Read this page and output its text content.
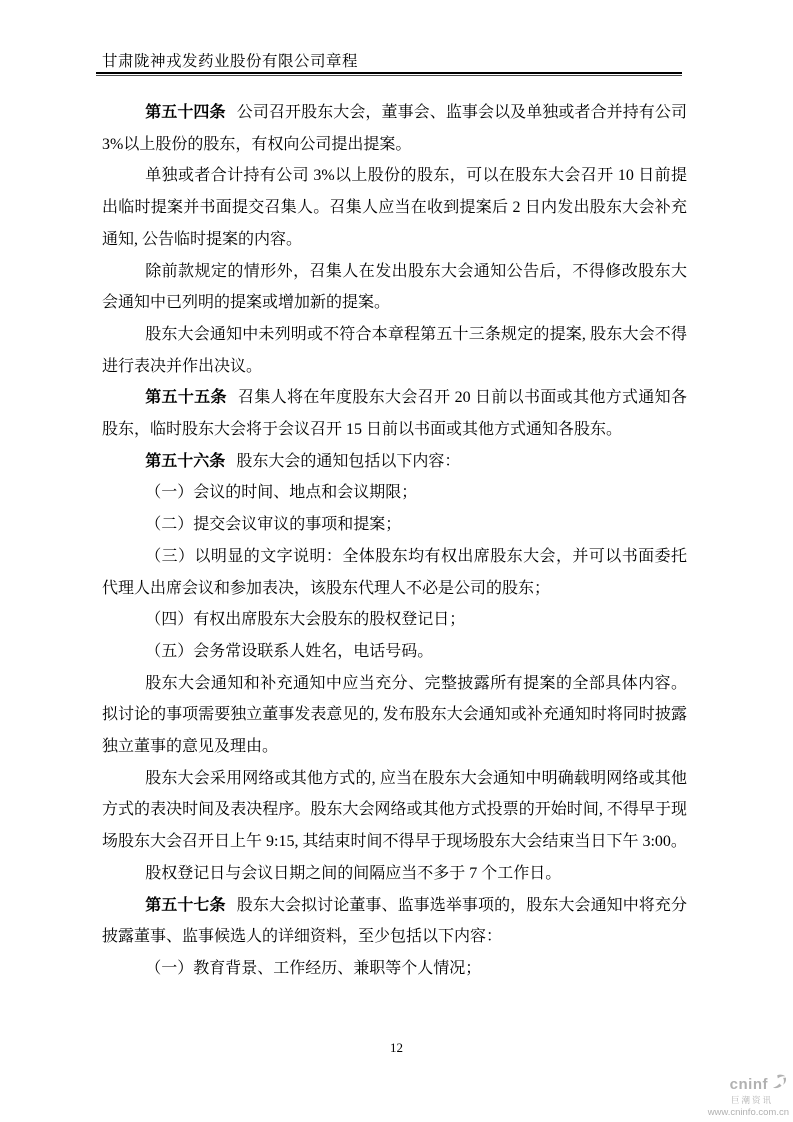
甘肃陇神戎发药业股份有限公司章程

第五十四条 公司召开股东大会，董事会、监事会以及单独或者合并持有公司 3%以上股份的股东，有权向公司提出提案。

单独或者合计持有公司 3%以上股份的股东，可以在股东大会召开 10 日前提出临时提案并书面提交召集人。召集人应当在收到提案后 2 日内发出股东大会补充通知, 公告临时提案的内容。

除前款规定的情形外，召集人在发出股东大会通知公告后，不得修改股东大会通知中已列明的提案或增加新的提案。

股东大会通知中未列明或不符合本章程第五十三条规定的提案, 股东大会不得进行表决并作出决议。

第五十五条 召集人将在年度股东大会召开 20 日前以书面或其他方式通知各股东，临时股东大会将于会议召开 15 日前以书面或其他方式通知各股东。

第五十六条 股东大会的通知包括以下内容：

（一）会议的时间、地点和会议期限；

（二）提交会议审议的事项和提案；

（三）以明显的文字说明：全体股东均有权出席股东大会，并可以书面委托代理人出席会议和参加表决，该股东代理人不必是公司的股东；

（四）有权出席股东大会股东的股权登记日；

（五）会务常设联系人姓名，电话号码。

股东大会通知和补充通知中应当充分、完整披露所有提案的全部具体内容。拟讨论的事项需要独立董事发表意见的, 发布股东大会通知或补充通知时将同时披露独立董事的意见及理由。

股东大会采用网络或其他方式的, 应当在股东大会通知中明确载明网络或其他方式的表决时间及表决程序。股东大会网络或其他方式投票的开始时间, 不得早于现场股东大会召开日上午 9:15, 其结束时间不得早于现场股东大会结束当日下午 3:00。

股权登记日与会议日期之间的间隔应当不多于 7 个工作日。

第五十七条 股东大会拟讨论董事、监事选举事项的，股东大会通知中将充分披露董事、监事候选人的详细资料，至少包括以下内容：

（一）教育背景、工作经历、兼职等个人情况；

12
cninf
巨潮资讯
www.cninfo.com.cn
